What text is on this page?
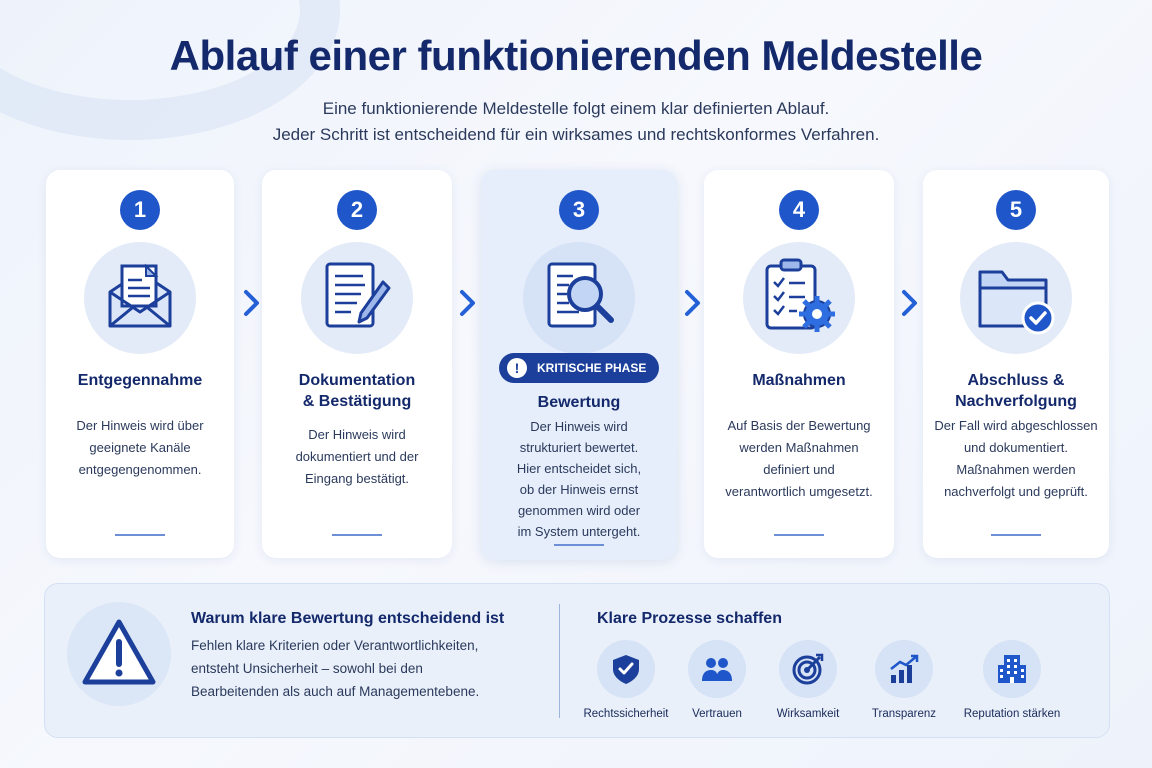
Ablauf einer funktionierenden Meldestelle
Eine funktionierende Meldestelle folgt einem klar definierten Ablauf.
Jeder Schritt ist entscheidend für ein wirksames und rechtskonformes Verfahren.
1
Entgegennahme
Der Hinweis wird über
geeignete Kanäle
entgegengenommen.
2
Dokumentation
& Bestätigung
Der Hinweis wird
dokumentiert und der
Eingang bestätigt.
3
!	KRITISCHE PHASE
Bewertung
Der Hinweis wird
strukturiert bewertet.
Hier entscheidet sich,
ob der Hinweis ernst
genommen wird oder
im System untergeht.
4
Maßnahmen
Auf Basis der Bewertung
werden Maßnahmen
definiert und
verantwortlich umgesetzt.
5
Abschluss &
Nachverfolgung
Der Fall wird abgeschlossen
und dokumentiert.
Maßnahmen werden
nachverfolgt und geprüft.
Warum klare Bewertung entscheidend ist
Fehlen klare Kriterien oder Verantwortlichkeiten,
entsteht Unsicherheit – sowohl bei den
Bearbeitenden als auch auf Managementebene.
Klare Prozesse schaffen
Rechtssicherheit	Vertrauen	Wirksamkeit	Transparenz	Reputation stärken
